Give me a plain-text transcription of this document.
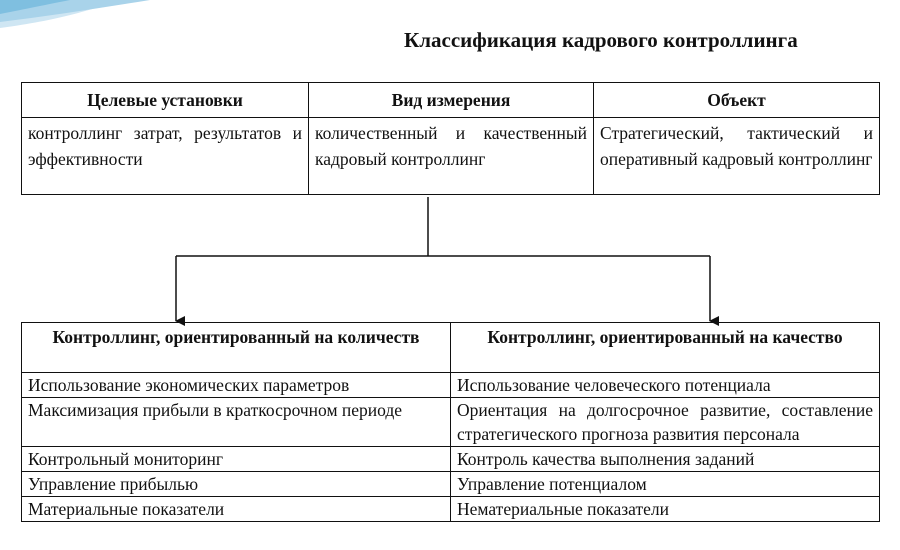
Классификация кадрового контроллинга
Целевые установки	Вид измерения	Объект
контроллинг затрат, результатов и эффективности	количественный и качественный кадровый контроллинг	Стратегический, тактический и оперативный кадровый контроллинг
Контроллинг, ориентированный на количеств	Контроллинг, ориентированный на качество
Использование экономических параметров	Использование человеческого потенциала
Максимизация прибыли в краткосрочном периоде	Ориентация на долгосрочное развитие, составление стратегического прогноза развития персонала
Контрольный мониторинг	Контроль качества выполнения заданий
Управление прибылью	Управление потенциалом
Материальные показатели	Нематериальные показатели
